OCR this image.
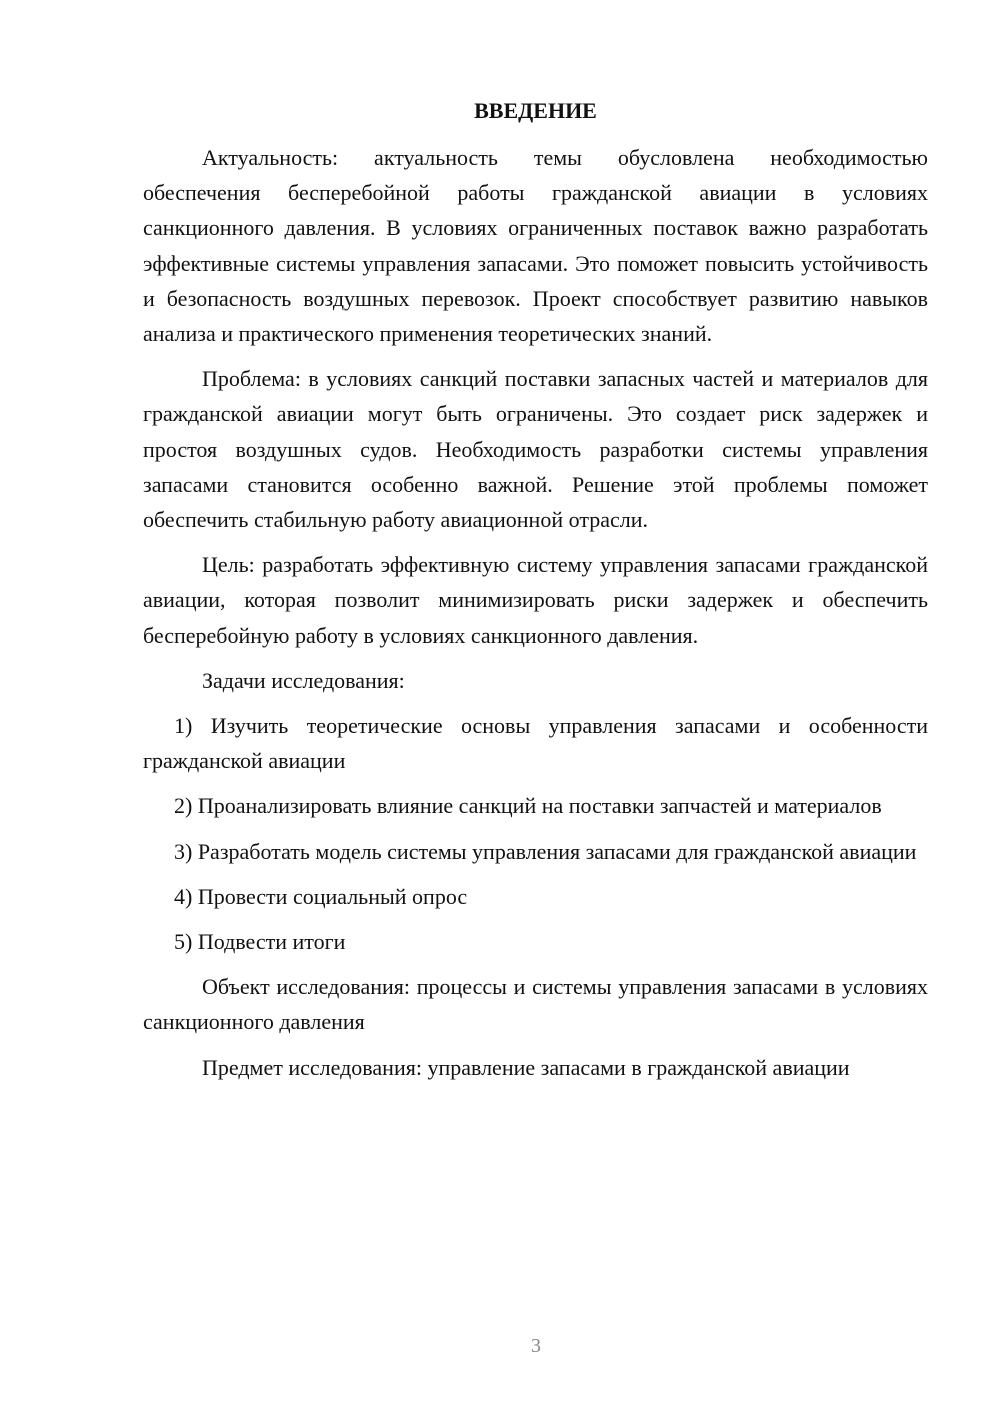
ВВЕДЕНИЕ

Актуальность: актуальность темы обусловлена необходимостью обеспечения бесперебойной работы гражданской авиации в условиях санкционного давления. В условиях ограниченных поставок важно разработать эффективные системы управления запасами. Это поможет повысить устойчивость и безопасность воздушных перевозок. Проект способствует развитию навыков анализа и практического применения теоретических знаний.

Проблема: в условиях санкций поставки запасных частей и материалов для гражданской авиации могут быть ограничены. Это создает риск задержек и простоя воздушных судов. Необходимость разработки системы управления запасами становится особенно важной. Решение этой проблемы поможет обеспечить стабильную работу авиационной отрасли.

Цель: разработать эффективную систему управления запасами гражданской авиации, которая позволит минимизировать риски задержек и обеспечить бесперебойную работу в условиях санкционного давления.

Задачи исследования:

1) Изучить теоретические основы управления запасами и особенности гражданской авиации

2) Проанализировать влияние санкций на поставки запчастей и материалов

3) Разработать модель системы управления запасами для гражданской авиации

4) Провести социальный опрос

5) Подвести итоги

Объект исследования: процессы и системы управления запасами в условиях санкционного давления

Предмет исследования: управление запасами в гражданской авиации

3
